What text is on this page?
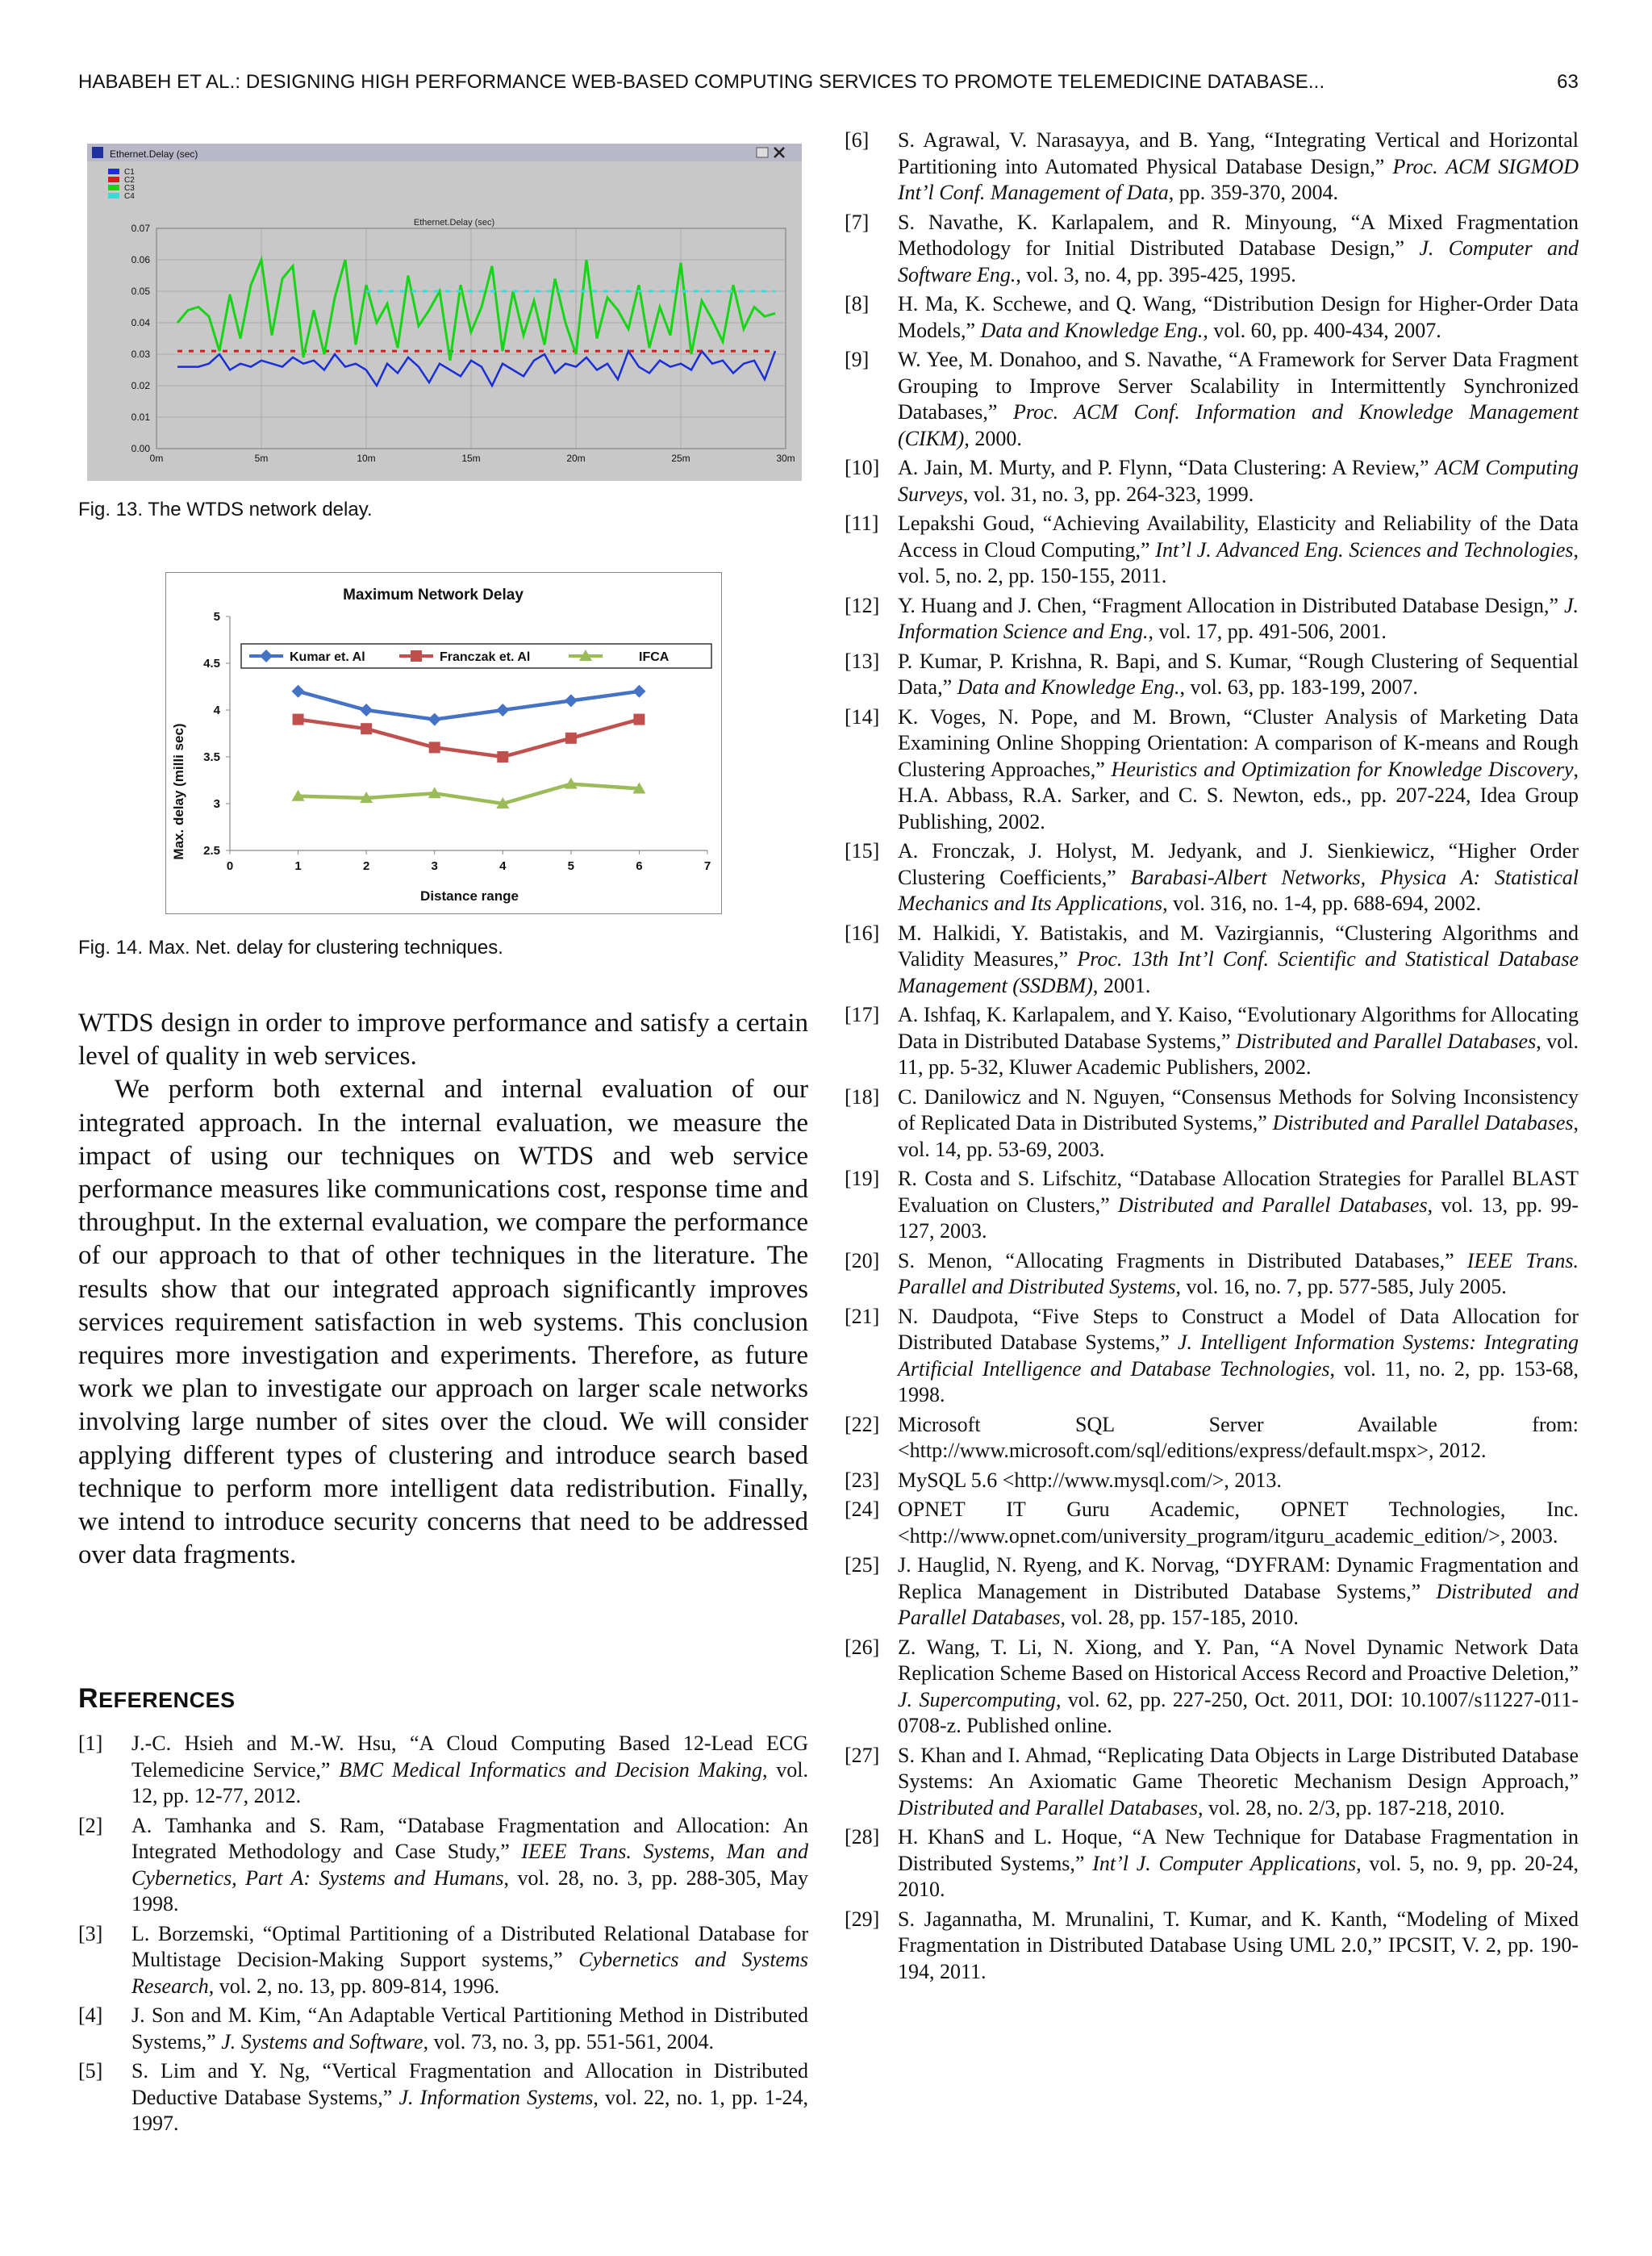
HABABEH ET AL.: DESIGNING HIGH PERFORMANCE WEB-BASED COMPUTING SERVICES TO PROMOTE TELEMEDICINE DATABASE...	63
Ethernet.Delay (sec)
C1
C2
C3
C4
Ethernet.Delay (sec)
0.00
0.01
0.02
0.03
0.04
0.05
0.06
0.07
0m	5m	10m	15m	20m	25m	30m
Fig. 13. The WTDS network delay.
Maximum Network Delay
Max. delay (milli sec)
Distance range
2.5
3
3.5
4
4.5
5
0	1	2	3	4	5	6	7
Kumar et. Al	Franczak et. Al	IFCA
Fig. 14. Max. Net. delay for clustering techniques.

WTDS design in order to improve performance and satisfy a certain level of quality in web services.

We perform both external and internal evaluation of our integrated approach. In the internal evaluation, we measure the impact of using our techniques on WTDS and web service performance measures like communications cost, response time and throughput. In the external evaluation, we compare the performance of our approach to that of other techniques in the literature. The results show that our integrated approach significantly improves services requirement satisfaction in web systems. This conclusion requires more investigation and experiments. Therefore, as future work we plan to investigate our approach on larger scale networks involving large number of sites over the cloud. We will consider applying different types of clustering and introduce search based technique to perform more intelligent data redistribution. Finally, we intend to introduce security concerns that need to be addressed over data fragments.

REFERENCES
[1] J.-C. Hsieh and M.-W. Hsu, “A Cloud Computing Based 12-Lead ECG Telemedicine Service,” BMC Medical Informatics and Decision Making, vol. 12, pp. 12-77, 2012.
[2] A. Tamhanka and S. Ram, “Database Fragmentation and Allocation: An Integrated Methodology and Case Study,” IEEE Trans. Systems, Man and Cybernetics, Part A: Systems and Humans, vol. 28, no. 3, pp. 288-305, May 1998.
[3] L. Borzemski, “Optimal Partitioning of a Distributed Relational Database for Multistage Decision-Making Support systems,” Cybernetics and Systems Research, vol. 2, no. 13, pp. 809-814, 1996.
[4] J. Son and M. Kim, “An Adaptable Vertical Partitioning Method in Distributed Systems,” J. Systems and Software, vol. 73, no. 3, pp. 551-561, 2004.
[5] S. Lim and Y. Ng, “Vertical Fragmentation and Allocation in Distributed Deductive Database Systems,” J. Information Systems, vol. 22, no. 1, pp. 1-24, 1997.
[6] S. Agrawal, V. Narasayya, and B. Yang, “Integrating Vertical and Horizontal Partitioning into Automated Physical Database Design,” Proc. ACM SIGMOD Int’l Conf. Management of Data, pp. 359-370, 2004.
[7] S. Navathe, K. Karlapalem, and R. Minyoung, “A Mixed Fragmentation Methodology for Initial Distributed Database Design,” J. Computer and Software Eng., vol. 3, no. 4, pp. 395-425, 1995.
[8] H. Ma, K. Scchewe, and Q. Wang, “Distribution Design for Higher-Order Data Models,” Data and Knowledge Eng., vol. 60, pp. 400-434, 2007.
[9] W. Yee, M. Donahoo, and S. Navathe, “A Framework for Server Data Fragment Grouping to Improve Server Scalability in Intermittently Synchronized Databases,” Proc. ACM Conf. Information and Knowledge Management (CIKM), 2000.
[10] A. Jain, M. Murty, and P. Flynn, “Data Clustering: A Review,” ACM Computing Surveys, vol. 31, no. 3, pp. 264-323, 1999.
[11] Lepakshi Goud, “Achieving Availability, Elasticity and Reliability of the Data Access in Cloud Computing,” Int’l J. Advanced Eng. Sciences and Technologies, vol. 5, no. 2, pp. 150-155, 2011.
[12] Y. Huang and J. Chen, “Fragment Allocation in Distributed Database Design,” J. Information Science and Eng., vol. 17, pp. 491-506, 2001.
[13] P. Kumar, P. Krishna, R. Bapi, and S. Kumar, “Rough Clustering of Sequential Data,” Data and Knowledge Eng., vol. 63, pp. 183-199, 2007.
[14] K. Voges, N. Pope, and M. Brown, “Cluster Analysis of Marketing Data Examining Online Shopping Orientation: A comparison of K-means and Rough Clustering Approaches,” Heuristics and Optimization for Knowledge Discovery, H.A. Abbass, R.A. Sarker, and C. S. Newton, eds., pp. 207-224, Idea Group Publishing, 2002.
[15] A. Fronczak, J. Holyst, M. Jedyank, and J. Sienkiewicz, “Higher Order Clustering Coefficients,” Barabasi-Albert Networks, Physica A: Statistical Mechanics and Its Applications, vol. 316, no. 1-4, pp. 688-694, 2002.
[16] M. Halkidi, Y. Batistakis, and M. Vazirgiannis, “Clustering Algorithms and Validity Measures,” Proc. 13th Int’l Conf. Scientific and Statistical Database Management (SSDBM), 2001.
[17] A. Ishfaq, K. Karlapalem, and Y. Kaiso, “Evolutionary Algorithms for Allocating Data in Distributed Database Systems,” Distributed and Parallel Databases, vol. 11, pp. 5-32, Kluwer Academic Publishers, 2002.
[18] C. Danilowicz and N. Nguyen, “Consensus Methods for Solving Inconsistency of Replicated Data in Distributed Systems,” Distributed and Parallel Databases, vol. 14, pp. 53-69, 2003.
[19] R. Costa and S. Lifschitz, “Database Allocation Strategies for Parallel BLAST Evaluation on Clusters,” Distributed and Parallel Databases, vol. 13, pp. 99-127, 2003.
[20] S. Menon, “Allocating Fragments in Distributed Databases,” IEEE Trans. Parallel and Distributed Systems, vol. 16, no. 7, pp. 577-585, July 2005.
[21] N. Daudpota, “Five Steps to Construct a Model of Data Allocation for Distributed Database Systems,” J. Intelligent Information Systems: Integrating Artificial Intelligence and Database Technologies, vol. 11, no. 2, pp. 153-68, 1998.
[22] Microsoft SQL Server Available from: <http://www.microsoft.com/sql/editions/express/default.mspx>, 2012.
[23] MySQL 5.6 <http://www.mysql.com/>, 2013.
[24] OPNET IT Guru Academic, OPNET Technologies, Inc. <http://www.opnet.com/university_program/itguru_academic_edition/>, 2003.
[25] J. Hauglid, N. Ryeng, and K. Norvag, “DYFRAM: Dynamic Fragmentation and Replica Management in Distributed Database Systems,” Distributed and Parallel Databases, vol. 28, pp. 157-185, 2010.
[26] Z. Wang, T. Li, N. Xiong, and Y. Pan, “A Novel Dynamic Network Data Replication Scheme Based on Historical Access Record and Proactive Deletion,” J. Supercomputing, vol. 62, pp. 227-250, Oct. 2011, DOI: 10.1007/s11227-011-0708-z. Published online.
[27] S. Khan and I. Ahmad, “Replicating Data Objects in Large Distributed Database Systems: An Axiomatic Game Theoretic Mechanism Design Approach,” Distributed and Parallel Databases, vol. 28, no. 2/3, pp. 187-218, 2010.
[28] H. KhanS and L. Hoque, “A New Technique for Database Fragmentation in Distributed Systems,” Int’l J. Computer Applications, vol. 5, no. 9, pp. 20-24, 2010.
[29] S. Jagannatha, M. Mrunalini, T. Kumar, and K. Kanth, “Modeling of Mixed Fragmentation in Distributed Database Using UML 2.0,” IPCSIT, V. 2, pp. 190-194, 2011.
